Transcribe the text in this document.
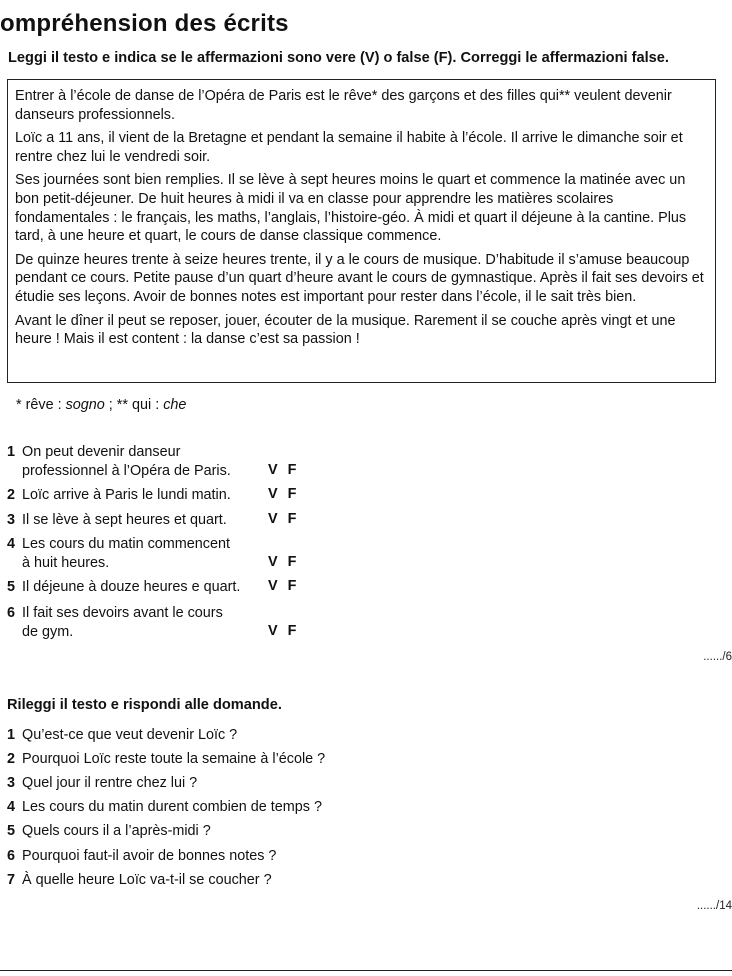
ompréhension des écrits
Leggi il testo e indica se le affermazioni sono vere (V) o false (F). Correggi le affermazioni false.

Entrer à l’école de danse de l’Opéra de Paris est le rêve* des garçons et des filles qui** veulent devenir danseurs professionnels.

Loïc a 11 ans, il vient de la Bretagne et pendant la semaine il habite à l’école. Il arrive le dimanche soir et rentre chez lui le vendredi soir.

Ses journées sont bien remplies. Il se lève à sept heures moins le quart et commence la matinée avec un bon petit-déjeuner. De huit heures à midi il va en classe pour apprendre les matières scolaires fondamentales : le français, les maths, l’anglais, l’histoire-géo. À midi et quart il déjeune à la cantine. Plus tard, à une heure et quart, le cours de danse classique commence.

De quinze heures trente à seize heures trente, il y a le cours de musique. D’habitude il s’amuse beaucoup pendant ce cours. Petite pause d’un quart d’heure avant le cours de gymnastique. Après il fait ses devoirs et étudie ses leçons. Avoir de bonnes notes est important pour rester dans l’école, il le sait très bien.

Avant le dîner il peut se reposer, jouer, écouter de la musique. Rarement il se couche après vingt et une heure ! Mais il est content : la danse c’est sa passion !

* rêve : sogno ; ** qui : che
1 On peut devenir danseur
professionnel à l’Opéra de Paris.	V F
2 Loïc arrive à Paris le lundi matin.	V F
3 Il se lève à sept heures et quart.	V F
4 Les cours du matin commencent
à huit heures.	V F
5 Il déjeune à douze heures e quart. V F
6 Il fait ses devoirs avant le cours
de gym.	V F
....../6
Rileggi il testo e rispondi alle domande.
1 Qu’est-ce que veut devenir Loïc ?
2 Pourquoi Loïc reste toute la semaine à l’école ?
3 Quel jour il rentre chez lui ?
4 Les cours du matin durent combien de temps ?
5 Quels cours il a l’après-midi ?
6 Pourquoi faut-il avoir de bonnes notes ?
7 À quelle heure Loïc va-t-il se coucher ?
....../14
